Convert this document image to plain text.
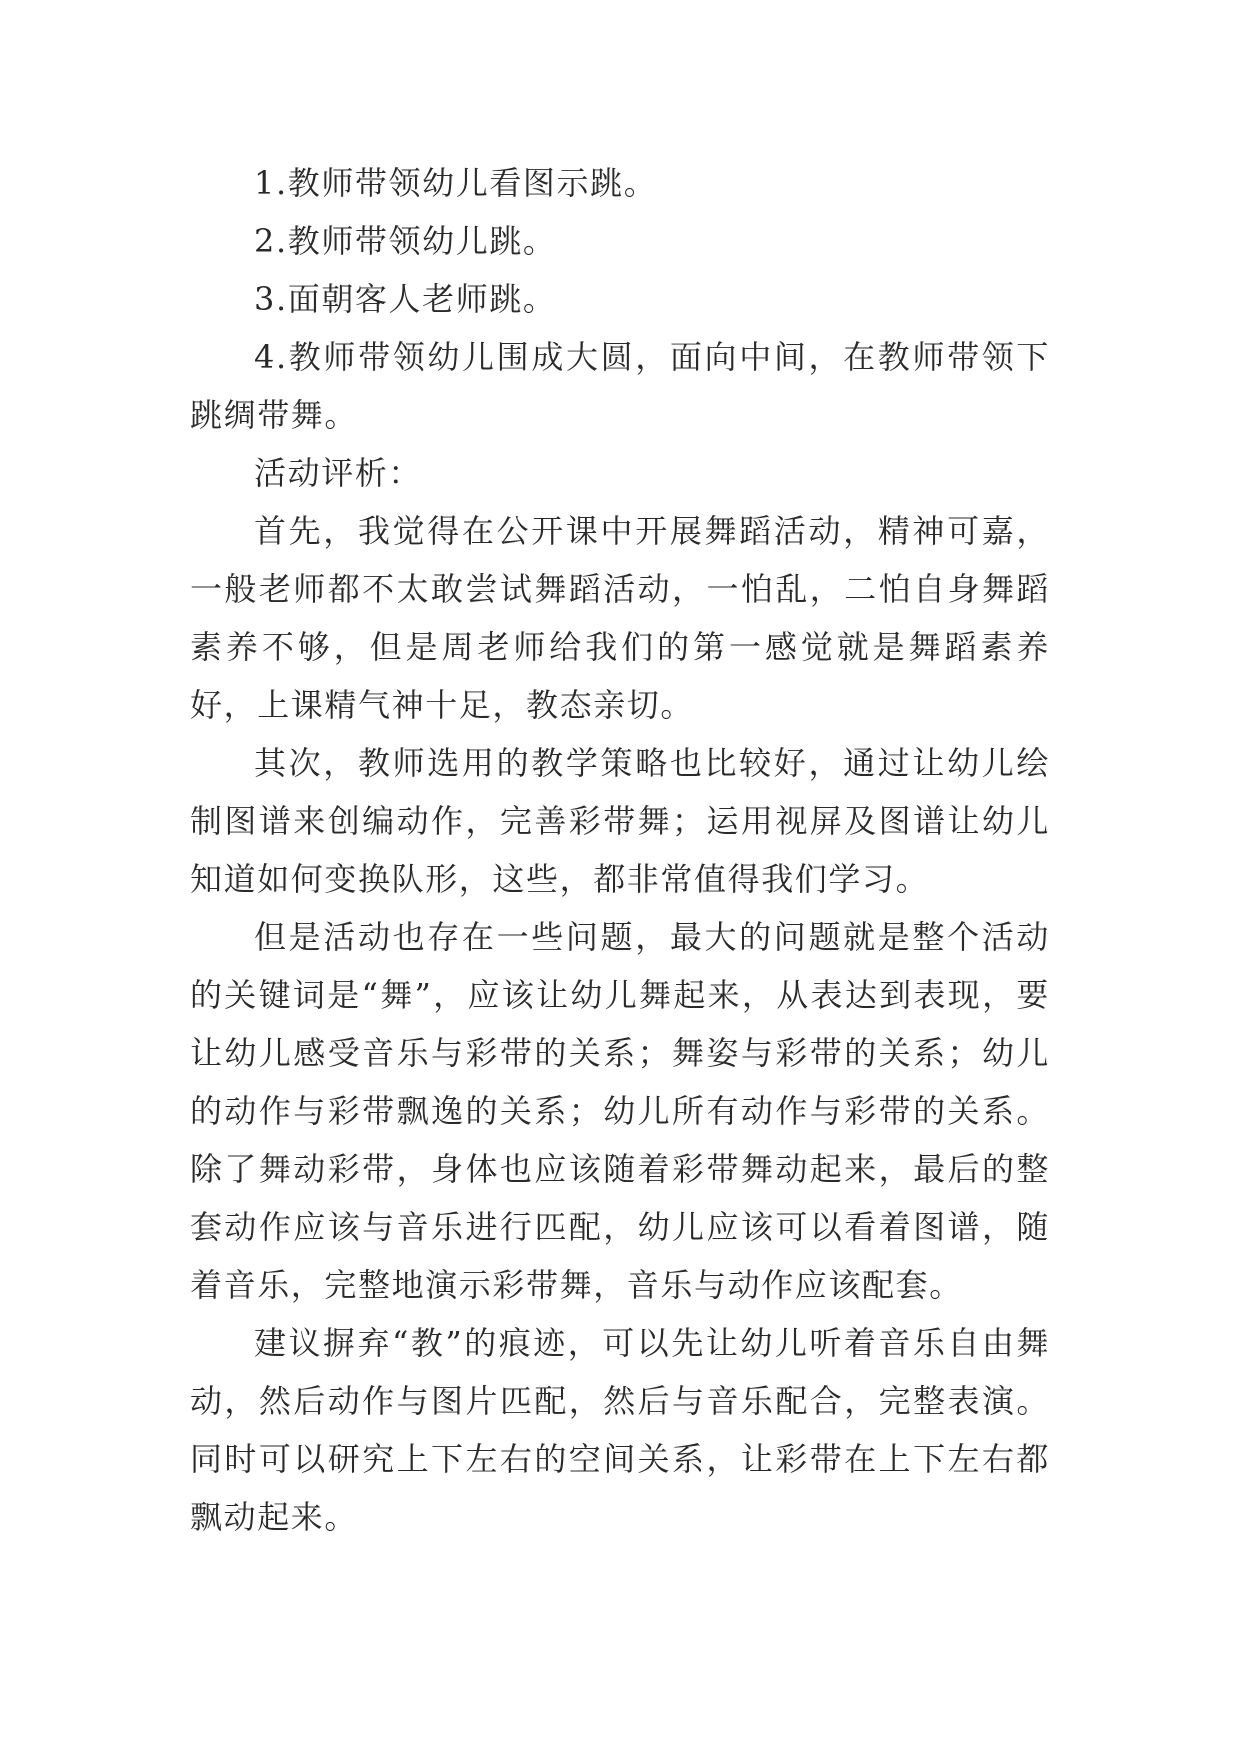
1.教师带领幼儿看图示跳。

2.教师带领幼儿跳。

3.面朝客人老师跳。

4.教师带领幼儿围成大圆，面向中间，在教师带领下跳绸带舞。

活动评析：

首先，我觉得在公开课中开展舞蹈活动，精神可嘉，一般老师都不太敢尝试舞蹈活动，一怕乱，二怕自身舞蹈素养不够，但是周老师给我们的第一感觉就是舞蹈素养好，上课精气神十足，教态亲切。

其次，教师选用的教学策略也比较好，通过让幼儿绘制图谱来创编动作，完善彩带舞；运用视屏及图谱让幼儿知道如何变换队形，这些，都非常值得我们学习。

但是活动也存在一些问题，最大的问题就是整个活动的关键词是“舞”，应该让幼儿舞起来，从表达到表现，要让幼儿感受音乐与彩带的关系；舞姿与彩带的关系；幼儿的动作与彩带飘逸的关系；幼儿所有动作与彩带的关系。除了舞动彩带，身体也应该随着彩带舞动起来，最后的整套动作应该与音乐进行匹配，幼儿应该可以看着图谱，随着音乐，完整地演示彩带舞，音乐与动作应该配套。

建议摒弃“教”的痕迹，可以先让幼儿听着音乐自由舞动，然后动作与图片匹配，然后与音乐配合，完整表演。同时可以研究上下左右的空间关系，让彩带在上下左右都飘动起来。
